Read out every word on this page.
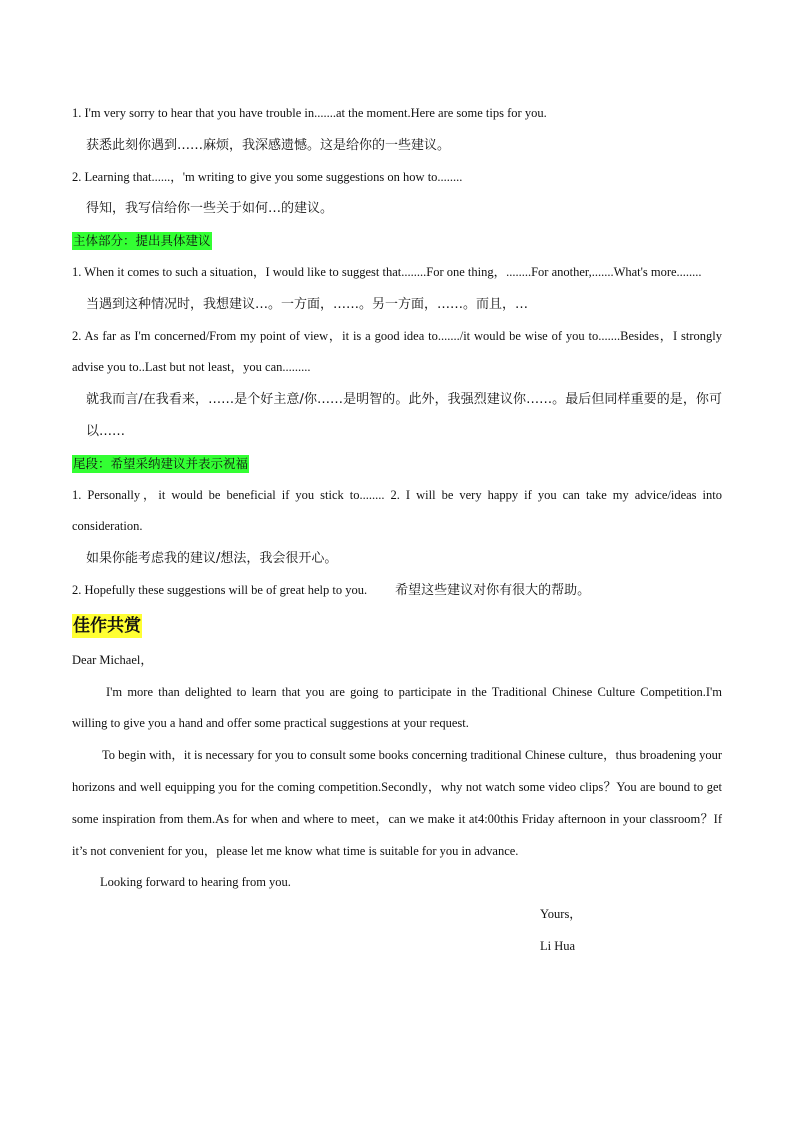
1. I'm very sorry to hear that you have trouble in.......at the moment.Here are some tips for you.

获悉此刻你遇到……麻烦，我深感遗憾。这是给你的一些建议。

2. Learning that......，'m writing to give you some suggestions on how to........

得知，我写信给你一些关于如何…的建议。

主体部分：提出具体建议

1. When it comes to such a situation，I would like to suggest that........For one thing，........For another,.......What's more........

当遇到这种情况时，我想建议…。一方面，……。另一方面，……。而且，…

2. As far as I'm concerned/From my point of view，it is a good idea to......./it would be wise of you to.......Besides，I strongly advise you to..Last but not least，you can.........

就我而言/在我看来，……是个好主意/你……是明智的。此外，我强烈建议你……。最后但同样重要的是，你可以……

尾段：希望采纳建议并表示祝福

1. Personally，it would be beneficial if you stick to........ 2. I will be very happy if you can take my advice/ideas into consideration.

如果你能考虑我的建议/想法，我会很开心。

2. Hopefully these suggestions will be of great help to you. 希望这些建议对你有很大的帮助。

佳作共赏

Dear Michael，

I'm more than delighted to learn that you are going to participate in the Traditional Chinese Culture Competition.I'm willing to give you a hand and offer some practical suggestions at your request.

To begin with，it is necessary for you to consult some books concerning traditional Chinese culture，thus broadening your horizons and well equipping you for the coming competition.Secondly，why not watch some video clips？You are bound to get some inspiration from them.As for when and where to meet，can we make it at4:00this Friday afternoon in your classroom？If it’s not convenient for you，please let me know what time is suitable for you in advance.

Looking forward to hearing from you.

Yours，

Li Hua
